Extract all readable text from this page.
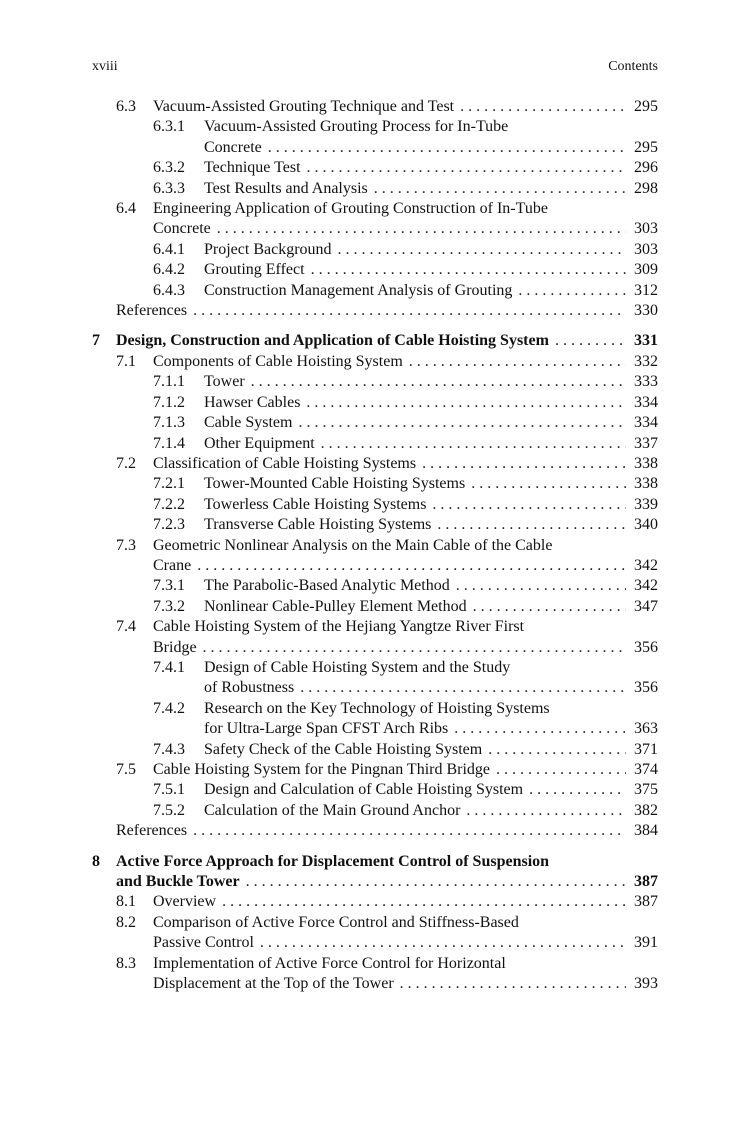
xviii	Contents
6.3 Vacuum-Assisted Grouting Technique and Test . . .	295
6.3.1 Vacuum-Assisted Grouting Process for In-Tube
Concrete . . .	295
6.3.2 Technique Test . . .	296
6.3.3 Test Results and Analysis . . .	298
6.4 Engineering Application of Grouting Construction of In-Tube
Concrete . . .	303
6.4.1 Project Background . . .	303
6.4.2 Grouting Effect . . .	309
6.4.3 Construction Management Analysis of Grouting . . .	312
References . . .	330
7 Design, Construction and Application of Cable Hoisting System . . .	331
7.1 Components of Cable Hoisting System . . .	332
7.1.1 Tower . . .	333
7.1.2 Hawser Cables . . .	334
7.1.3 Cable System . . .	334
7.1.4 Other Equipment . . .	337
7.2 Classification of Cable Hoisting Systems . . .	338
7.2.1 Tower-Mounted Cable Hoisting Systems . . .	338
7.2.2 Towerless Cable Hoisting Systems . . .	339
7.2.3 Transverse Cable Hoisting Systems . . .	340
7.3 Geometric Nonlinear Analysis on the Main Cable of the Cable
Crane . . .	342
7.3.1 The Parabolic-Based Analytic Method . . .	342
7.3.2 Nonlinear Cable-Pulley Element Method . . .	347
7.4 Cable Hoisting System of the Hejiang Yangtze River First
Bridge . . .	356
7.4.1 Design of Cable Hoisting System and the Study
of Robustness . . .	356
7.4.2 Research on the Key Technology of Hoisting Systems
for Ultra-Large Span CFST Arch Ribs . . .	363
7.4.3 Safety Check of the Cable Hoisting System . . .	371
7.5 Cable Hoisting System for the Pingnan Third Bridge . . .	374
7.5.1 Design and Calculation of Cable Hoisting System . . .	375
7.5.2 Calculation of the Main Ground Anchor . . .	382
References . . .	384
8 Active Force Approach for Displacement Control of Suspension
and Buckle Tower . . .	387
8.1 Overview . . .	387
8.2 Comparison of Active Force Control and Stiffness-Based
Passive Control . . .	391
8.3 Implementation of Active Force Control for Horizontal
Displacement at the Top of the Tower . . .	393
